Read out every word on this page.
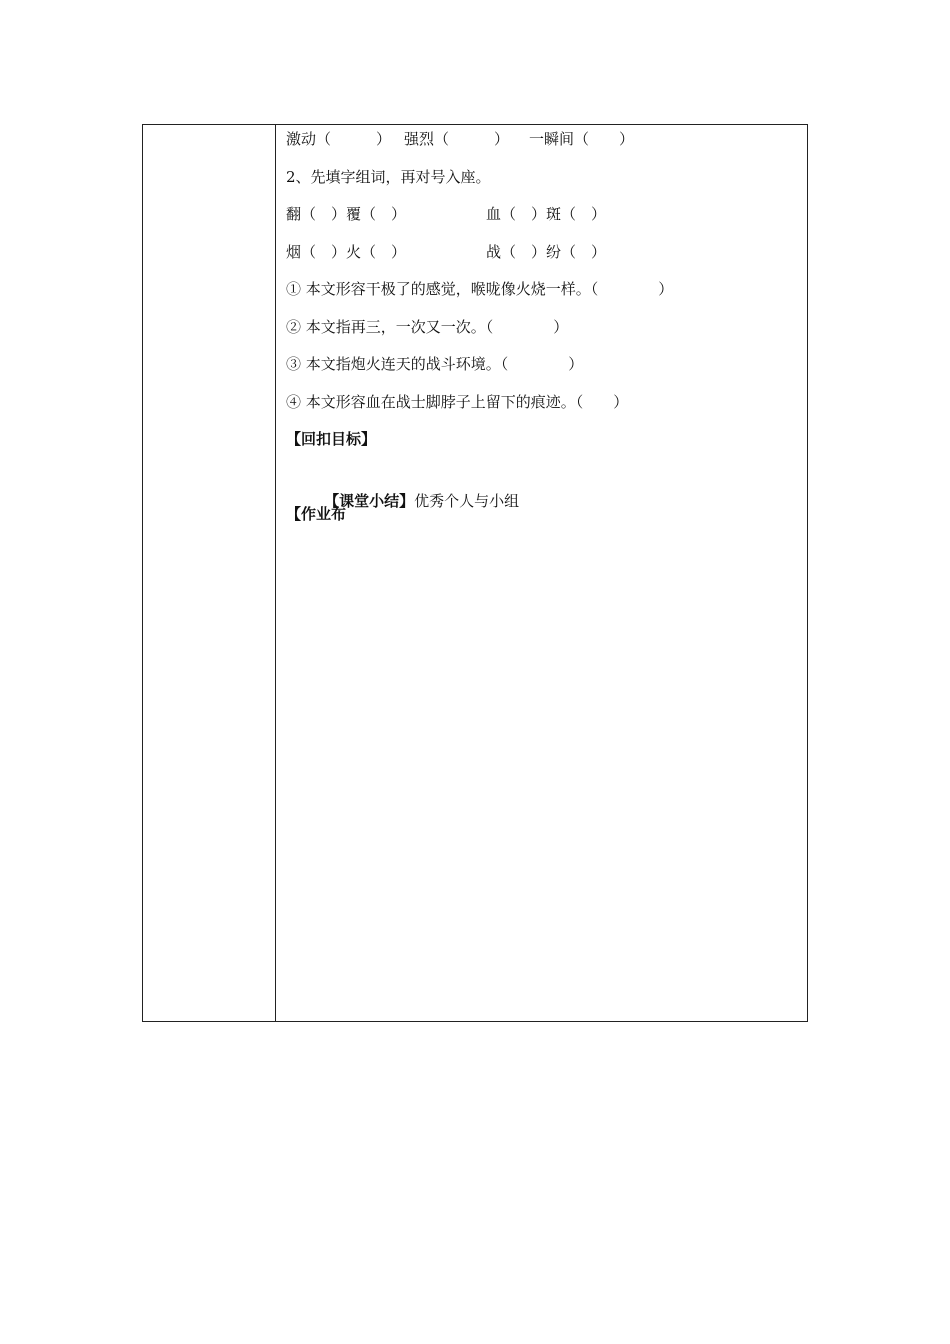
激动（　　　）

强烈（　　　）

一瞬间（　　）

2、先填字组词，再对号入座。

翻（　）覆（　）

	血（　）斑（　）

烟（　）火（　）

	战（　）纷（　）

① 本文形容干极了的感觉，喉咙像火烧一样。（　　　　）
② 本文指再三，一次又一次。（　　　　）
③ 本文指炮火连天的战斗环境。（　　　　）
④ 本文形容血在战士脚脖子上留下的痕迹。（　　）
【回扣目标】

【课堂小结】优秀个人与小组

【作业布
